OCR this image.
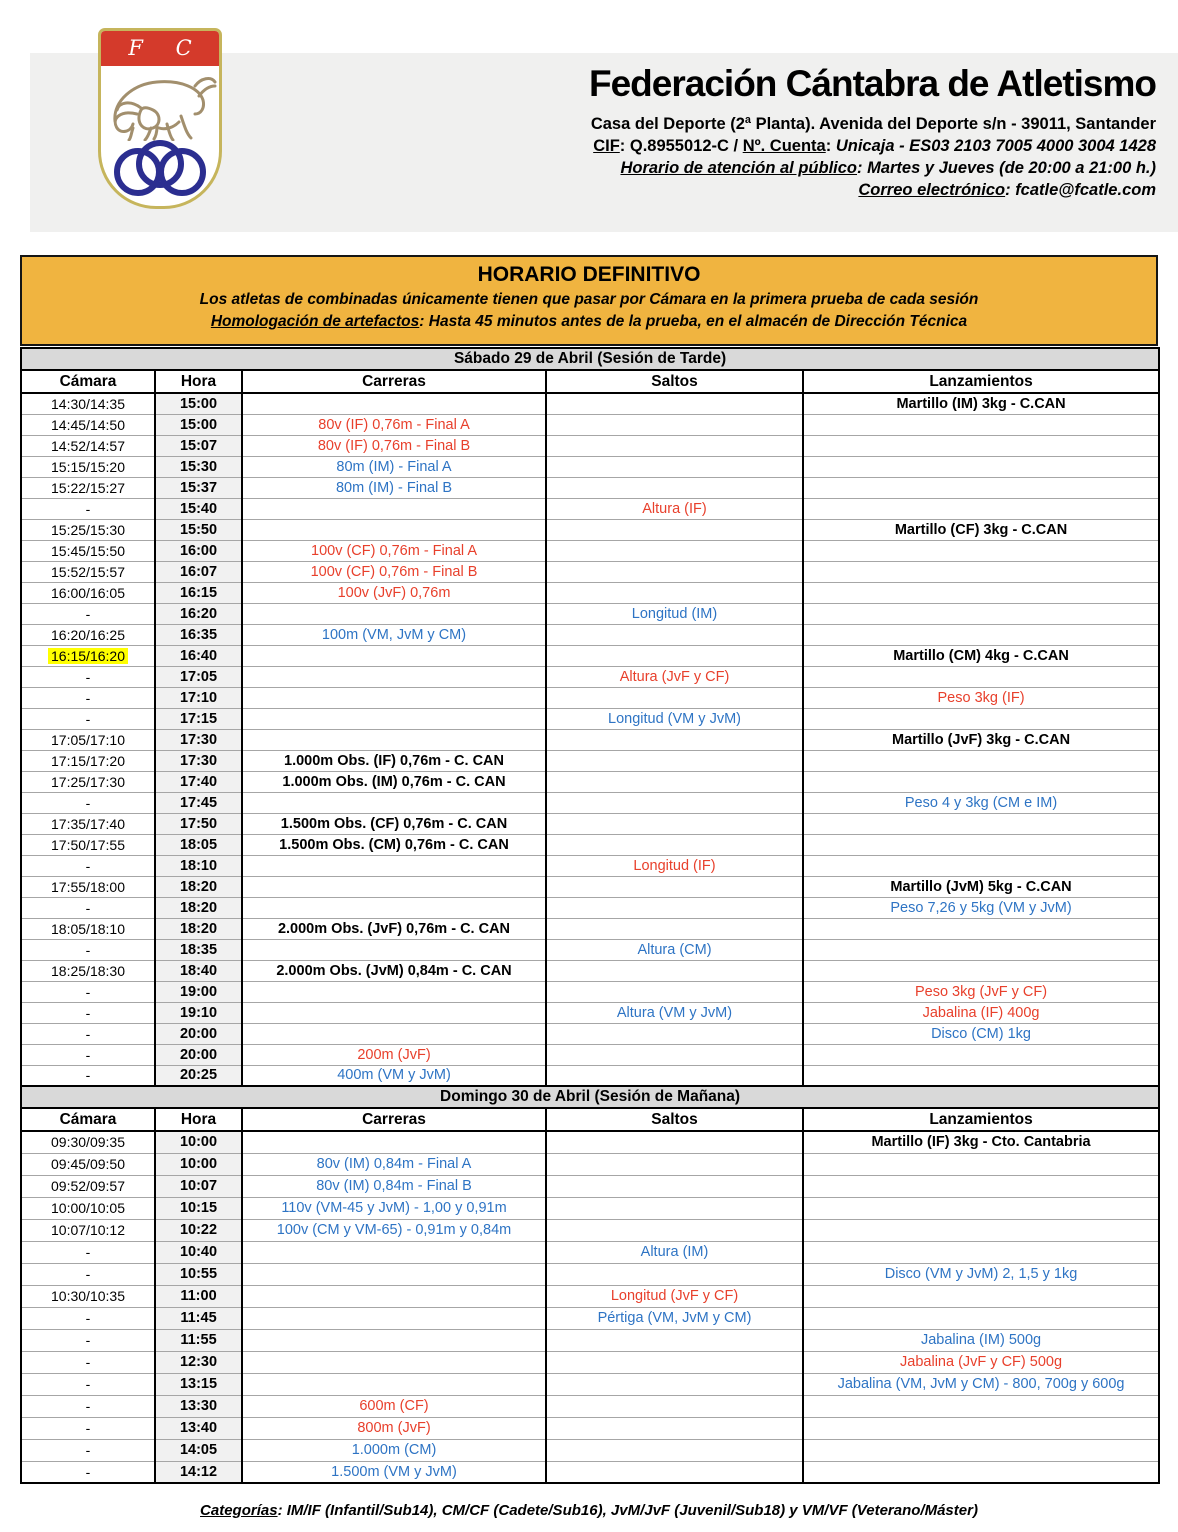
F C A	Federación Cántabra de Atletismo
Casa del Deporte (2ª Planta). Avenida del Deporte s/n - 39011, Santander
CIF: Q.8955012-C / Nº. Cuenta: Unicaja - ES03 2103 7005 4000 3004 1428
Horario de atención al público: Martes y Jueves (de 20:00 a 21:00 h.)
Correo electrónico: fcatle@fcatle.com
HORARIO DEFINITIVO
Los atletas de combinadas únicamente tienen que pasar por Cámara en la primera prueba de cada sesión
Homologación de artefactos: Hasta 45 minutos antes de la prueba, en el almacén de Dirección Técnica
Sábado 29 de Abril (Sesión de Tarde)				
Cámara	Hora	Carreras	Saltos	Lanzamientos
14:30/14:35	15:00			Martillo (IM) 3kg - C.CAN
14:45/14:50	15:00	80v (IF) 0,76m - Final A		
14:52/14:57	15:07	80v (IF) 0,76m - Final B		
15:15/15:20	15:30	80m (IM) - Final A		
15:22/15:27	15:37	80m (IM) - Final B		
-	15:40		Altura (IF)	
15:25/15:30	15:50			Martillo (CF) 3kg - C.CAN
15:45/15:50	16:00	100v (CF) 0,76m - Final A		
15:52/15:57	16:07	100v (CF) 0,76m - Final B		
16:00/16:05	16:15	100v (JvF) 0,76m		
-	16:20		Longitud (IM)	
16:20/16:25	16:35	100m (VM, JvM y CM)		
16:15/16:20	16:40			Martillo (CM) 4kg - C.CAN
-	17:05		Altura (JvF y CF)	
-	17:10			Peso 3kg (IF)
-	17:15		Longitud (VM y JvM)	
17:05/17:10	17:30			Martillo (JvF) 3kg - C.CAN
17:15/17:20	17:30	1.000m Obs. (IF) 0,76m - C. CAN		
17:25/17:30	17:40	1.000m Obs. (IM) 0,76m - C. CAN		
-	17:45			Peso 4 y 3kg (CM e IM)
17:35/17:40	17:50	1.500m Obs. (CF) 0,76m - C. CAN		
17:50/17:55	18:05	1.500m Obs. (CM) 0,76m - C. CAN		
-	18:10		Longitud (IF)	
17:55/18:00	18:20			Martillo (JvM) 5kg - C.CAN
-	18:20			Peso 7,26 y 5kg (VM y JvM)
18:05/18:10	18:20	2.000m Obs. (JvF) 0,76m - C. CAN		
-	18:35		Altura (CM)	
18:25/18:30	18:40	2.000m Obs. (JvM) 0,84m - C. CAN		
-	19:00			Peso 3kg (JvF y CF)
-	19:10		Altura (VM y JvM)	Jabalina (IF) 400g
-	20:00			Disco (CM) 1kg
-	20:00	200m (JvF)		
-	20:25	400m (VM y JvM)		
Domingo 30 de Abril (Sesión de Mañana)				
Cámara	Hora	Carreras	Saltos	Lanzamientos
09:30/09:35	10:00			Martillo (IF) 3kg - Cto. Cantabria
09:45/09:50	10:00	80v (IM) 0,84m - Final A		
09:52/09:57	10:07	80v (IM) 0,84m - Final B		
10:00/10:05	10:15	110v (VM-45 y JvM) - 1,00 y 0,91m		
10:07/10:12	10:22	100v (CM y VM-65) - 0,91m y 0,84m		
-	10:40		Altura (IM)	
-	10:55			Disco (VM y JvM) 2, 1,5 y 1kg
10:30/10:35	11:00		Longitud (JvF y CF)	
-	11:45		Pértiga (VM, JvM y CM)	
-	11:55			Jabalina (IM) 500g
-	12:30			Jabalina (JvF y CF) 500g
-	13:15			Jabalina (VM, JvM y CM) - 800, 700g y 600g
-	13:30	600m (CF)		
-	13:40	800m (JvF)		
-	14:05	1.000m (CM)		
-	14:12	1.500m (VM y JvM)		
Categorías: IM/IF (Infantil/Sub14), CM/CF (Cadete/Sub16), JvM/JvF (Juvenil/Sub18) y VM/VF (Veterano/Máster)
